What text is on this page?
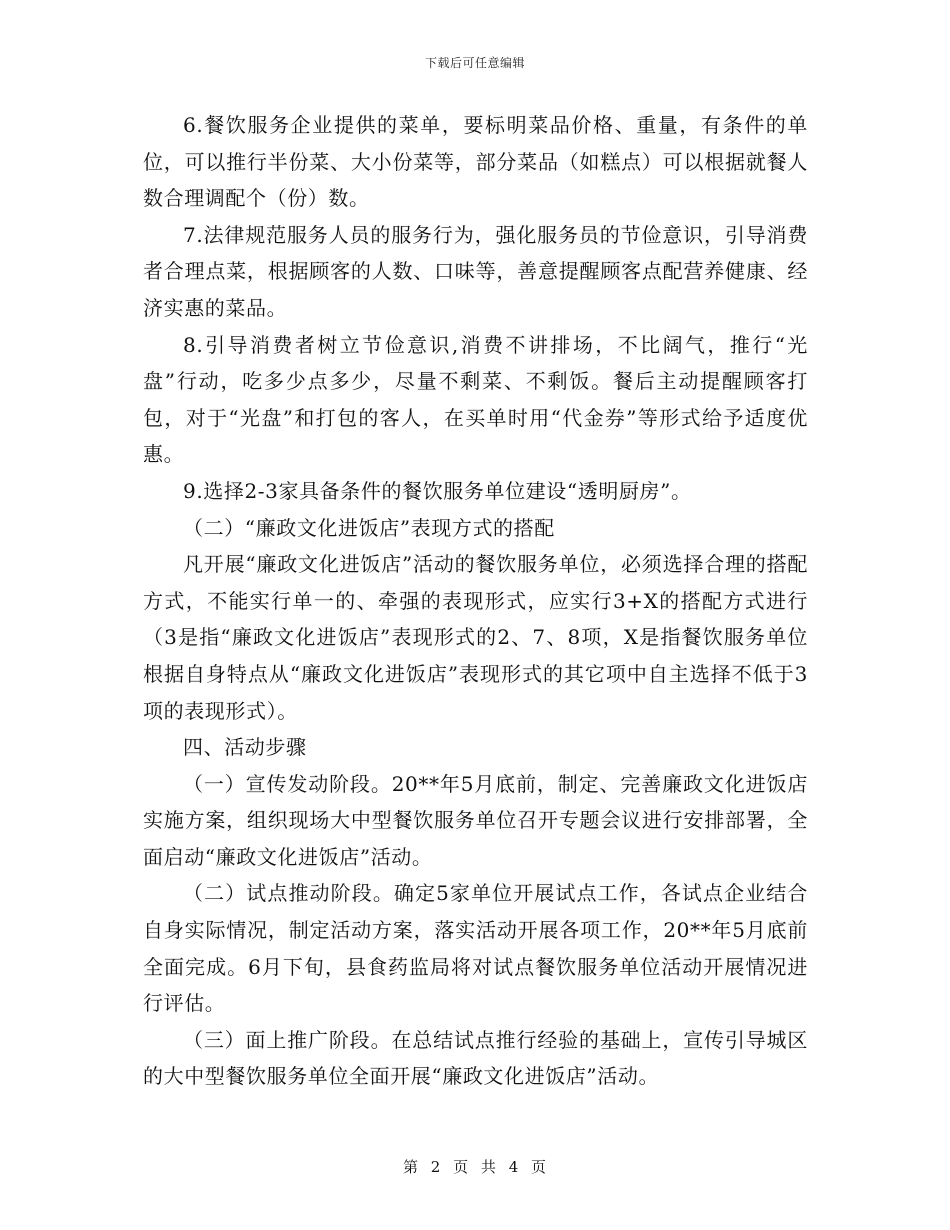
下载后可任意编辑

6.餐饮服务企业提供的菜单，要标明菜品价格、重量，有条件的单位，可以推行半份菜、大小份菜等，部分菜品（如糕点）可以根据就餐人数合理调配个（份）数。

7.法律规范服务人员的服务行为，强化服务员的节俭意识，引导消费者合理点菜，根据顾客的人数、口味等，善意提醒顾客点配营养健康、经济实惠的菜品。

8.引导消费者树立节俭意识,消费不讲排场，不比阔气，推行“光盘”行动，吃多少点多少，尽量不剩菜、不剩饭。餐后主动提醒顾客打包，对于“光盘”和打包的客人，在买单时用“代金券”等形式给予适度优惠。

9.选择2-3家具备条件的餐饮服务单位建设“透明厨房”。

（二）“廉政文化进饭店”表现方式的搭配

凡开展“廉政文化进饭店”活动的餐饮服务单位，必须选择合理的搭配方式，不能实行单一的、牵强的表现形式，应实行3+X的搭配方式进行（3是指“廉政文化进饭店”表现形式的2、7、8项，X是指餐饮服务单位根据自身特点从“廉政文化进饭店”表现形式的其它项中自主选择不低于3项的表现形式）。

四、活动步骤

（一）宣传发动阶段。20**年5月底前，制定、完善廉政文化进饭店实施方案，组织现场大中型餐饮服务单位召开专题会议进行安排部署，全面启动“廉政文化进饭店”活动。

（二）试点推动阶段。确定5家单位开展试点工作，各试点企业结合自身实际情况，制定活动方案，落实活动开展各项工作，20**年5月底前全面完成。6月下旬，县食药监局将对试点餐饮服务单位活动开展情况进行评估。

（三）面上推广阶段。在总结试点推行经验的基础上，宣传引导城区的大中型餐饮服务单位全面开展“廉政文化进饭店”活动。

第 2 页 共 4 页
